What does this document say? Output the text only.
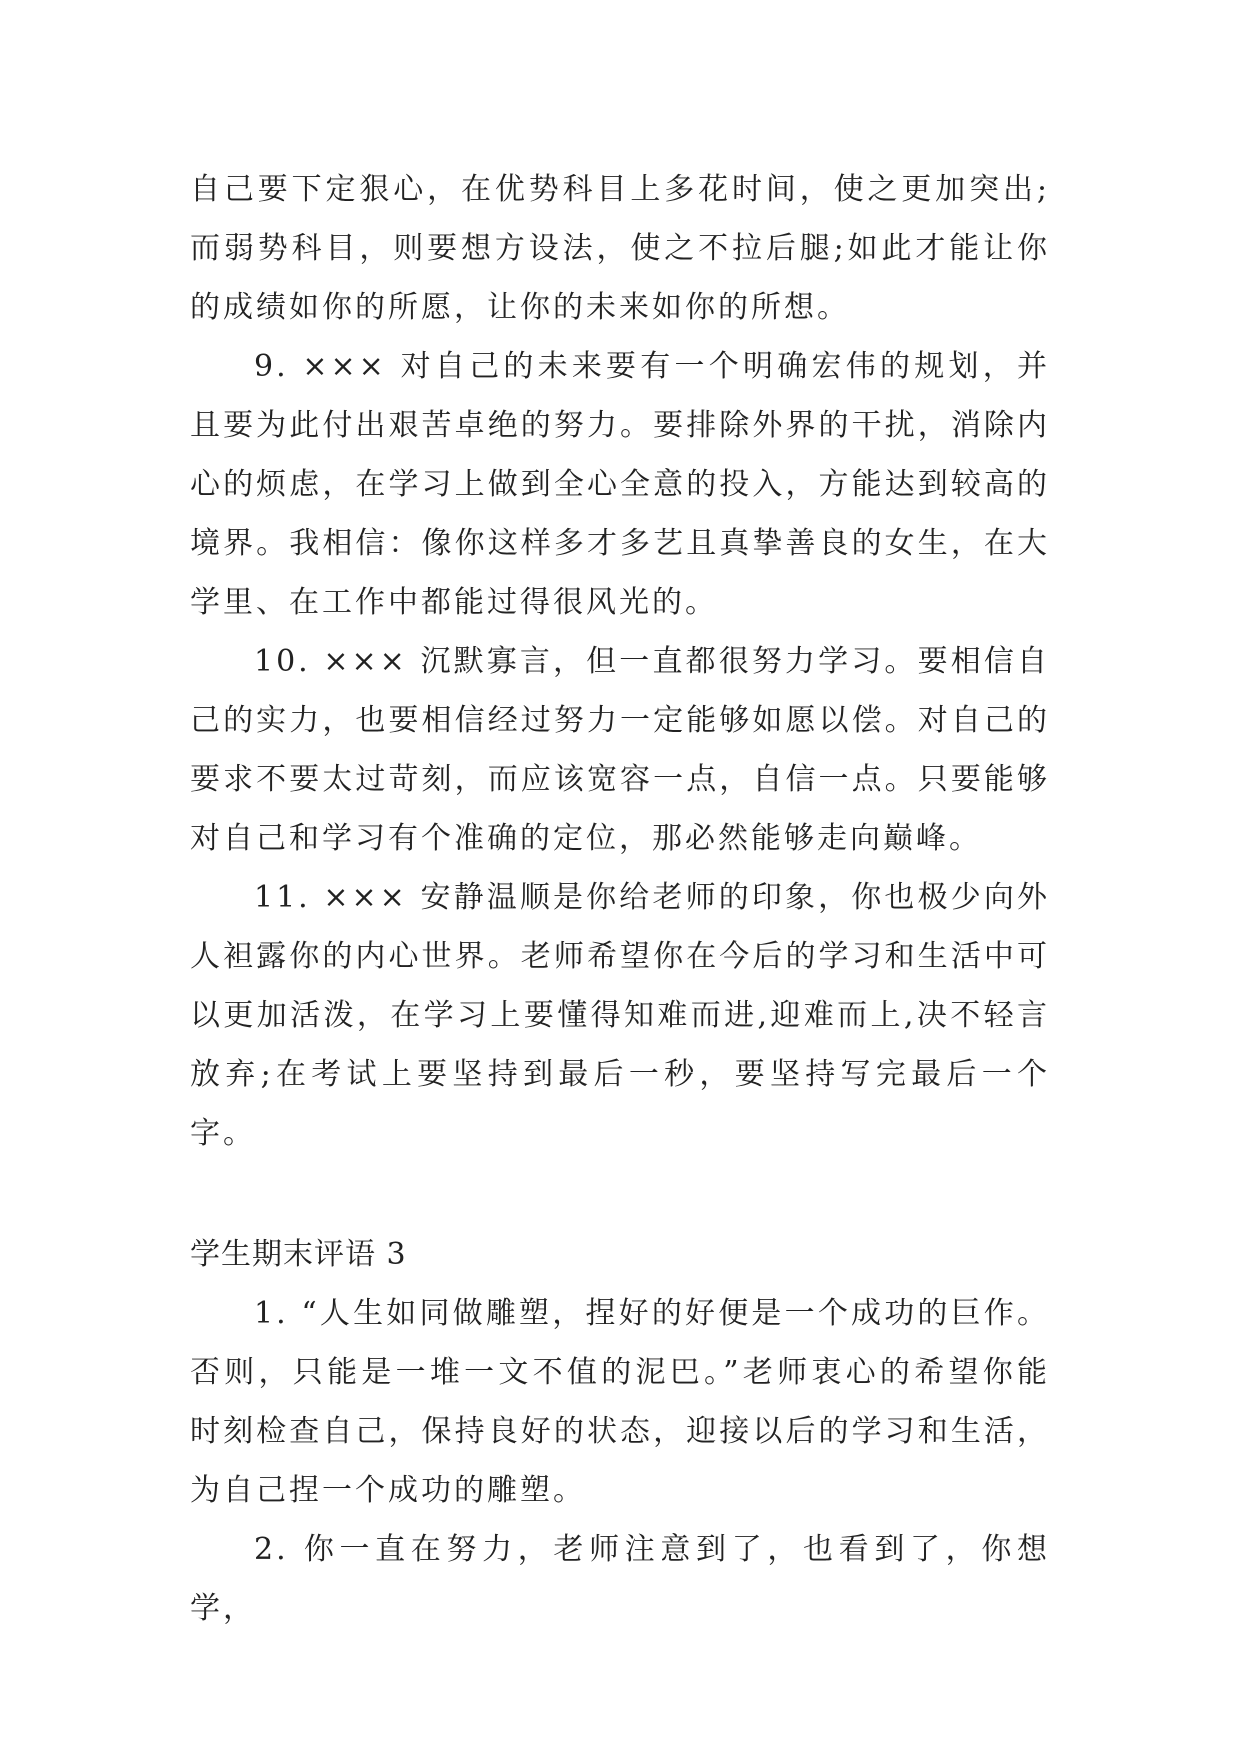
自己要下定狠心，在优势科目上多花时间，使之更加突出;而弱势科目，则要想方设法，使之不拉后腿;如此才能让你的成绩如你的所愿，让你的未来如你的所想。

9. ××× 对自己的未来要有一个明确宏伟的规划，并且要为此付出艰苦卓绝的努力。要排除外界的干扰，消除内心的烦虑，在学习上做到全心全意的投入，方能达到较高的境界。我相信：像你这样多才多艺且真挚善良的女生，在大学里、在工作中都能过得很风光的。

10. ××× 沉默寡言，但一直都很努力学习。要相信自己的实力，也要相信经过努力一定能够如愿以偿。对自己的要求不要太过苛刻，而应该宽容一点，自信一点。只要能够对自己和学习有个准确的定位，那必然能够走向巅峰。

11. ××× 安静温顺是你给老师的印象，你也极少向外人袒露你的内心世界。老师希望你在今后的学习和生活中可以更加活泼，在学习上要懂得知难而进,迎难而上,决不轻言放弃;在考试上要坚持到最后一秒，要坚持写完最后一个字。

学生期末评语 3

1. “人生如同做雕塑，捏好的好便是一个成功的巨作。否则，只能是一堆一文不值的泥巴。”老师衷心的希望你能时刻检查自己，保持良好的状态，迎接以后的学习和生活，为自己捏一个成功的雕塑。

2. 你一直在努力，老师注意到了，也看到了，你想学，
